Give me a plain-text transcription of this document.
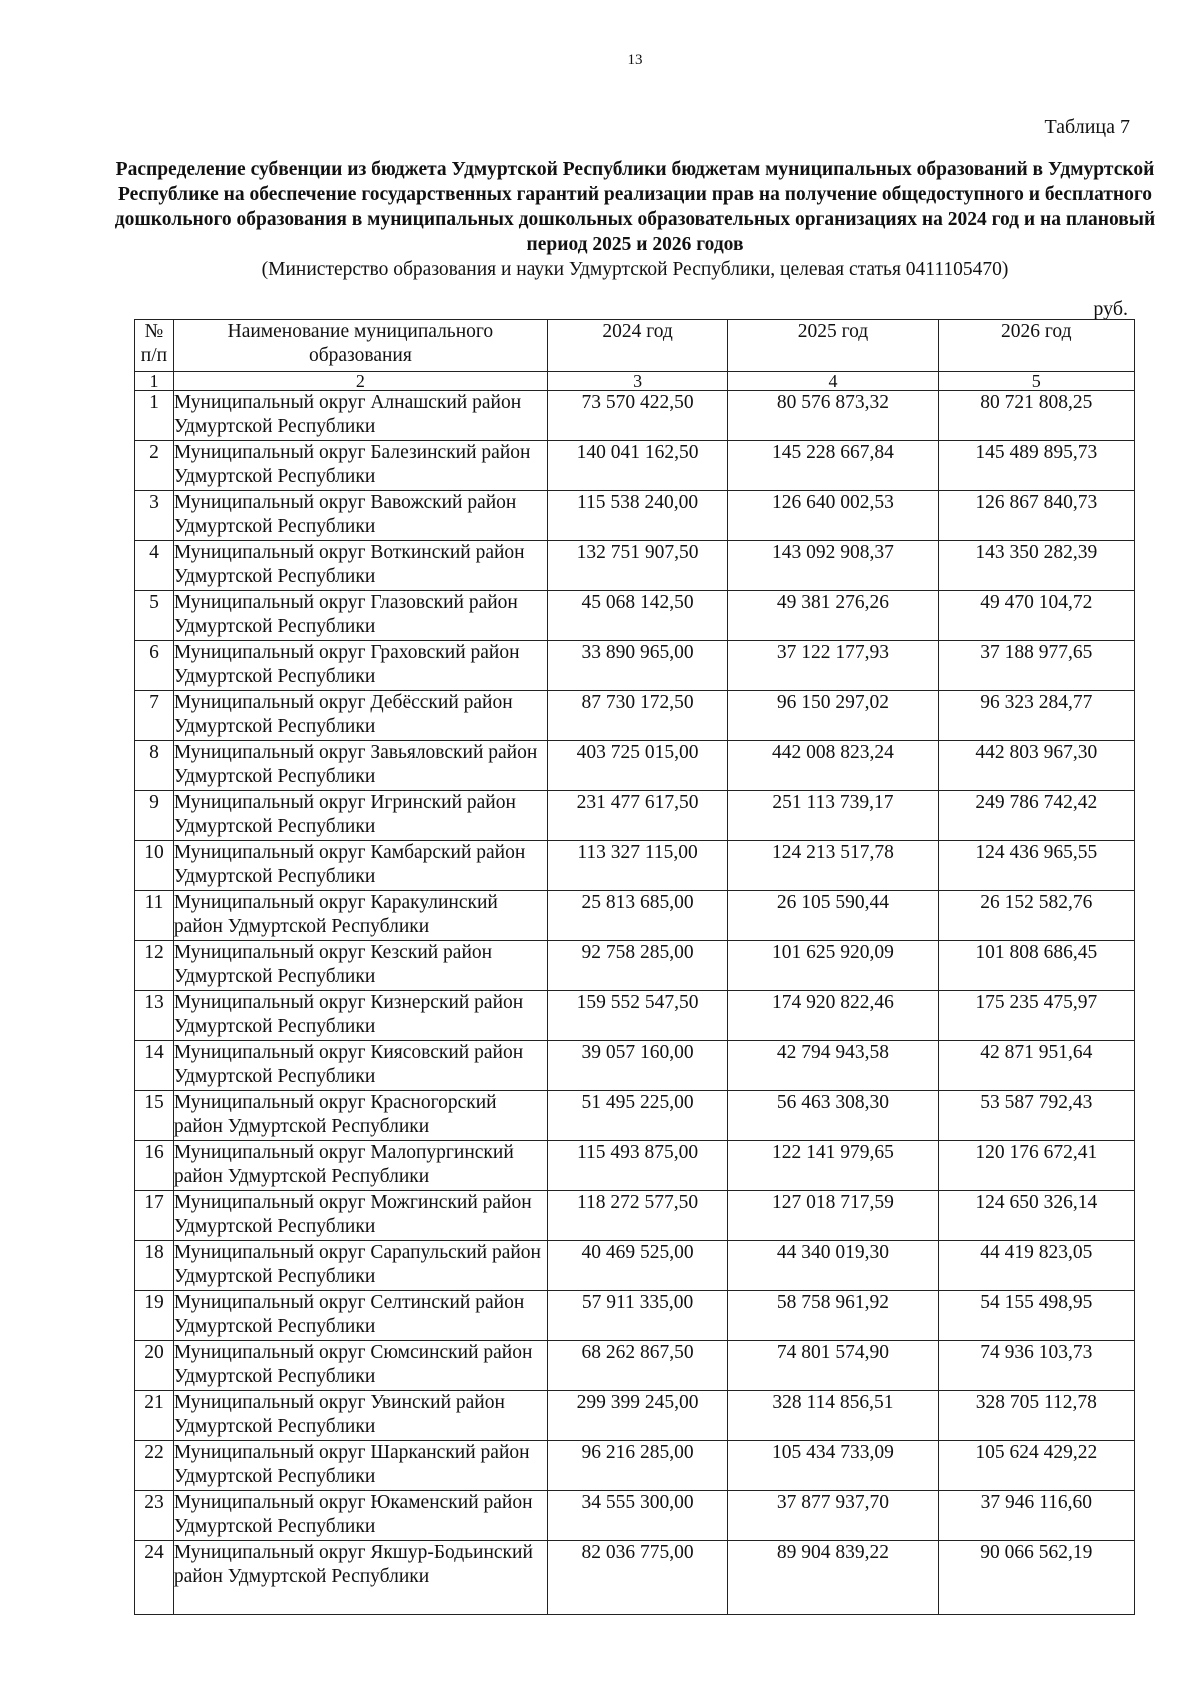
13
Таблица 7
Распределение субвенции из бюджета Удмуртской Республики бюджетам муниципальных образований в Удмуртской Республике на обеспечение государственных гарантий реализации прав на получение общедоступного и бесплатного дошкольного образования в муниципальных дошкольных образовательных организациях на 2024 год и на плановый период 2025 и 2026 годов
(Министерство образования и науки Удмуртской Республики, целевая статья 0411105470)
руб.
№ п/п	Наименование муниципального образования	2024 год	2025 год	2026 год
1	2	3	4	5
1	Муниципальный округ Алнашский район Удмуртской Республики	73 570 422,50	80 576 873,32	80 721 808,25
2	Муниципальный округ Балезинский район Удмуртской Республики	140 041 162,50	145 228 667,84	145 489 895,73
3	Муниципальный округ Вавожский район Удмуртской Республики	115 538 240,00	126 640 002,53	126 867 840,73
4	Муниципальный округ Воткинский район Удмуртской Республики	132 751 907,50	143 092 908,37	143 350 282,39
5	Муниципальный округ Глазовский район Удмуртской Республики	45 068 142,50	49 381 276,26	49 470 104,72
6	Муниципальный округ Граховский район Удмуртской Республики	33 890 965,00	37 122 177,93	37 188 977,65
7	Муниципальный округ Дебёсский район Удмуртской Республики	87 730 172,50	96 150 297,02	96 323 284,77
8	Муниципальный округ Завьяловский район Удмуртской Республики	403 725 015,00	442 008 823,24	442 803 967,30
9	Муниципальный округ Игринский район Удмуртской Республики	231 477 617,50	251 113 739,17	249 786 742,42
10	Муниципальный округ Камбарский район Удмуртской Республики	113 327 115,00	124 213 517,78	124 436 965,55
11	Муниципальный округ Каракулинский район Удмуртской Республики	25 813 685,00	26 105 590,44	26 152 582,76
12	Муниципальный округ Кезский район Удмуртской Республики	92 758 285,00	101 625 920,09	101 808 686,45
13	Муниципальный округ Кизнерский район Удмуртской Республики	159 552 547,50	174 920 822,46	175 235 475,97
14	Муниципальный округ Киясовский район Удмуртской Республики	39 057 160,00	42 794 943,58	42 871 951,64
15	Муниципальный округ Красногорский район Удмуртской Республики	51 495 225,00	56 463 308,30	53 587 792,43
16	Муниципальный округ Малопургинский район Удмуртской Республики	115 493 875,00	122 141 979,65	120 176 672,41
17	Муниципальный округ Можгинский район Удмуртской Республики	118 272 577,50	127 018 717,59	124 650 326,14
18	Муниципальный округ Сарапульский район Удмуртской Республики	40 469 525,00	44 340 019,30	44 419 823,05
19	Муниципальный округ Селтинский район Удмуртской Республики	57 911 335,00	58 758 961,92	54 155 498,95
20	Муниципальный округ Сюмсинский район Удмуртской Республики	68 262 867,50	74 801 574,90	74 936 103,73
21	Муниципальный округ Увинский район Удмуртской Республики	299 399 245,00	328 114 856,51	328 705 112,78
22	Муниципальный округ Шарканский район Удмуртской Республики	96 216 285,00	105 434 733,09	105 624 429,22
23	Муниципальный округ Юкаменский район Удмуртской Республики	34 555 300,00	37 877 937,70	37 946 116,60
24	Муниципальный округ Якшур-Бодьинский район Удмуртской Республики	82 036 775,00	89 904 839,22	90 066 562,19
